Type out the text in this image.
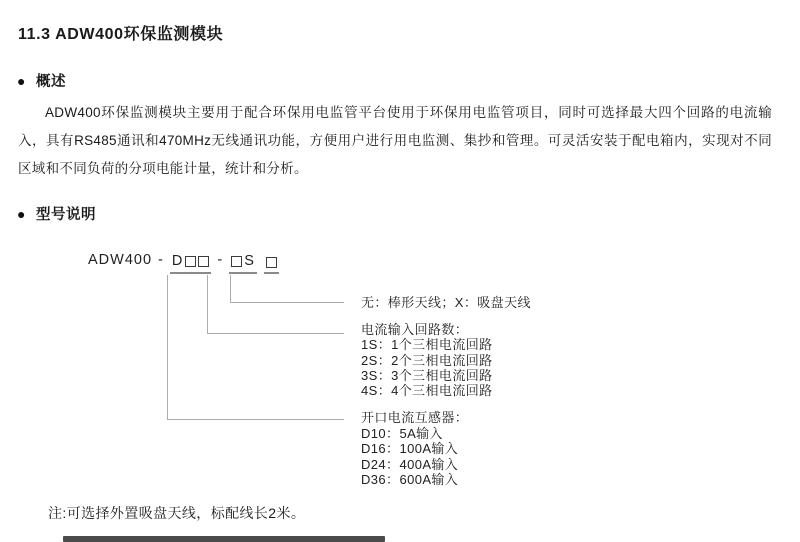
11.3 ADW400环保监测模块
● 概述

ADW400环保监测模块主要用于配合环保用电监管平台使用于环保用电监管项目，同时可选择最大四个回路的电流输入，具有RS485通讯和470MHz无线通讯功能，方便用户进行用电监测、集抄和管理。可灵活安装于配电箱内，实现对不同区域和不同负荷的分项电能计量，统计和分析。

● 型号说明
ADW400 - D	-	S
无：棒形天线；X：吸盘天线
电流输入回路数：
1S：1个三相电流回路
2S：2个三相电流回路
3S：3个三相电流回路
4S：4个三相电流回路
开口电流互感器：
D10：5A输入
D16：100A输入
D24：400A输入
D36：600A输入
注:可选择外置吸盘天线，标配线长2米。
